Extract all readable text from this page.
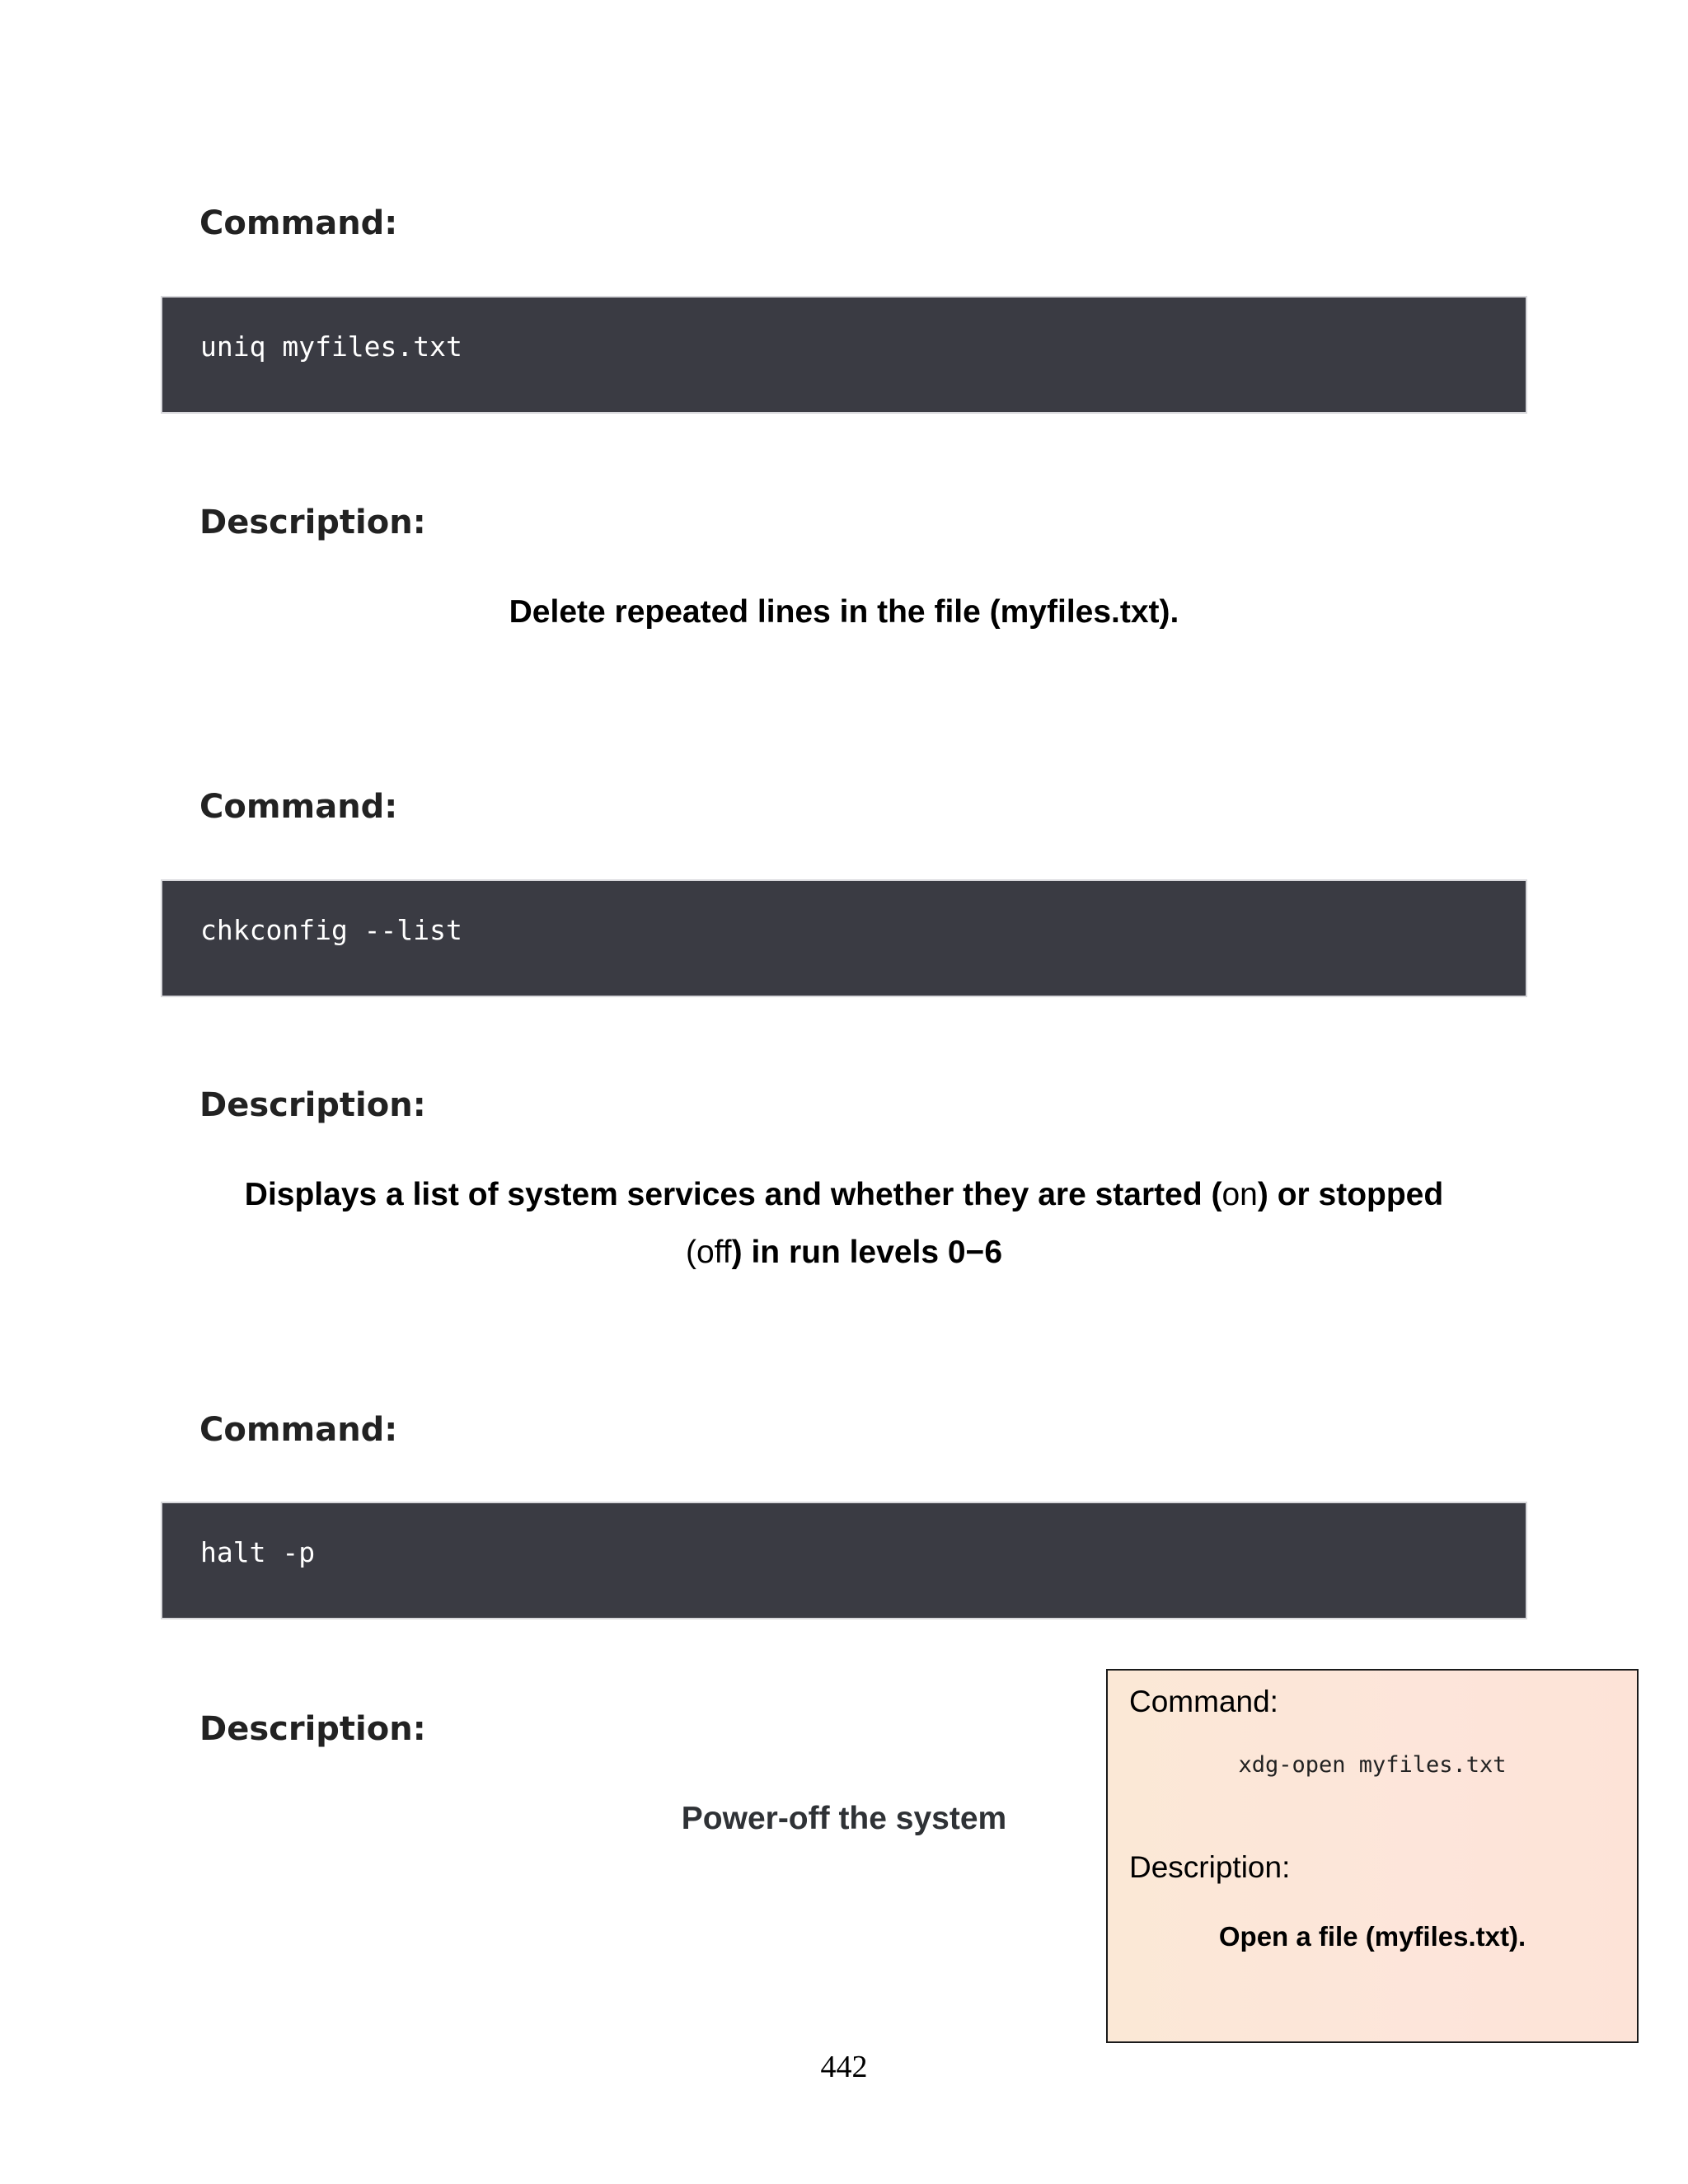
Command:
uniq myfiles.txt
Description:
Delete repeated lines in the file (myfiles.txt).
Command:
chkconfig --list
Description:
Displays a list of system services and whether they are started (on) or stopped
(off) in run levels 0−6
Command:
halt -p
Description:
Power-off the system
Command:
xdg-open myfiles.txt
Description:
Open a file (myfiles.txt).
442
